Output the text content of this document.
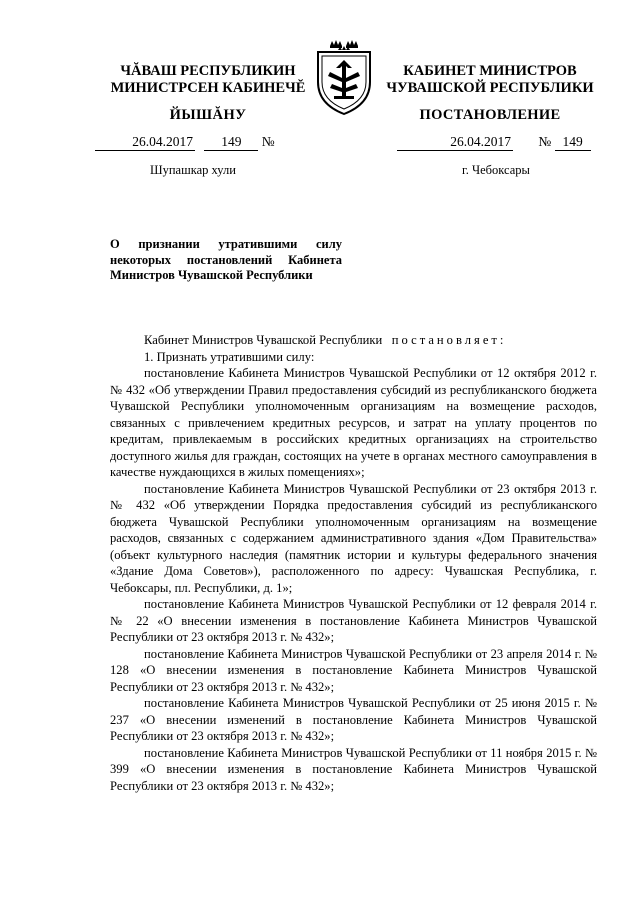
ЧĂВАШ РЕСПУБЛИКИН
МИНИСТРСЕН КАБИНЕЧĔ
ЙЫШĂНУ
КАБИНЕТ МИНИСТРОВ
ЧУВАШСКОЙ РЕСПУБЛИКИ
ПОСТАНОВЛЕНИЕ
26.04.2017 149 №	26.04.2017 № 149
Шупашкар хули	г. Чебоксары
О признании утратившими силу некоторых постановлений Кабинета Министров Чувашской Республики

Кабинет Министров Чувашской Республики постановляет:

1. Признать утратившими силу:

постановление Кабинета Министров Чувашской Республики от 12 октября 2012 г. № 432 «Об утверждении Правил предоставления субсидий из республиканского бюджета Чувашской Республики уполномоченным организациям на возмещение расходов, связанных с привлечением кредитных ресурсов, и затрат на уплату процентов по кредитам, привлекаемым в российских кредитных организациях на строительство доступного жилья для граждан, состоящих на учете в органах местного самоуправления в качестве нуждающихся в жилых помещениях»;

постановление Кабинета Министров Чувашской Республики от 23 октября 2013 г. № 432 «Об утверждении Порядка предоставления субсидий из республиканского бюджета Чувашской Республики уполномоченным организациям на возмещение расходов, связанных с содержанием административного здания «Дом Правительства» (объект культурного наследия (памятник истории и культуры федерального значения «Здание Дома Советов»), расположенного по адресу: Чувашская Республика, г. Чебоксары, пл. Республики, д. 1»;

постановление Кабинета Министров Чувашской Республики от 12 февраля 2014 г. № 22 «О внесении изменения в постановление Кабинета Министров Чувашской Республики от 23 октября 2013 г. № 432»;

постановление Кабинета Министров Чувашской Республики от 23 апреля 2014 г. № 128 «О внесении изменения в постановление Кабинета Министров Чувашской Республики от 23 октября 2013 г. № 432»;

постановление Кабинета Министров Чувашской Республики от 25 июня 2015 г. № 237 «О внесении изменений в постановление Кабинета Министров Чувашской Республики от 23 октября 2013 г. № 432»;

постановление Кабинета Министров Чувашской Республики от 11 ноября 2015 г. № 399 «О внесении изменения в постановление Кабинета Министров Чувашской Республики от 23 октября 2013 г. № 432»;
